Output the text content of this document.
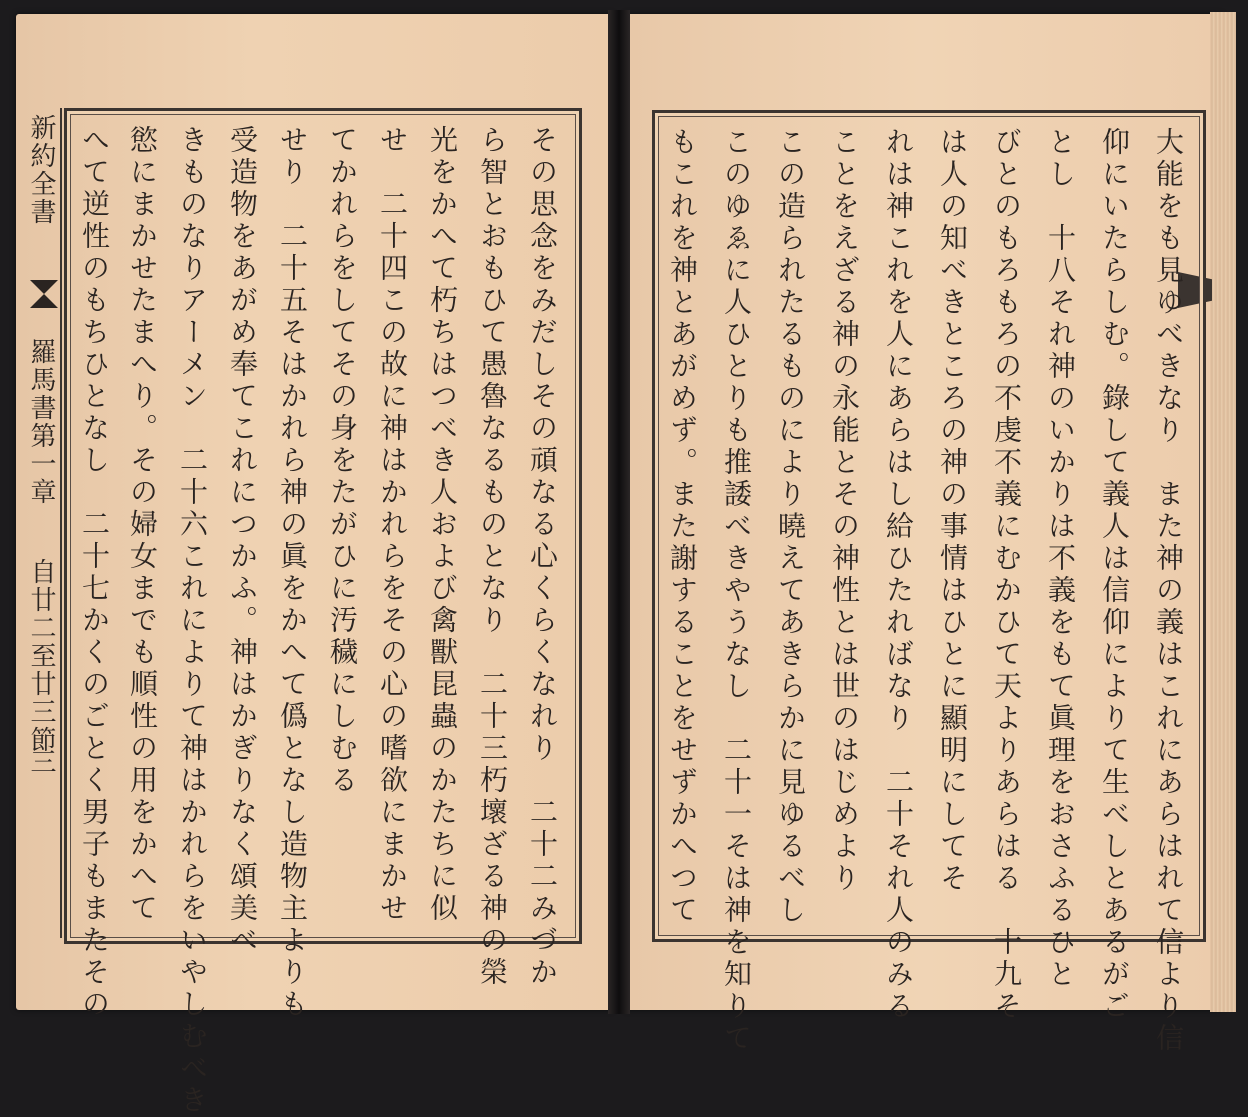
新約全書
羅馬書第一章
自廿二至廿三節
三	その思念をみだしその頑なる心くらくなれり　二十二みづか
ら智とおもひて愚魯なるものとなり　二十三朽壞ざる神の榮
光をかへて朽ちはつべき人および禽獸昆蟲のかたちに似
せ　二十四この故に神はかれらをその心の嗜欲にまかせ
てかれらをしてその身をたがひに汚穢にしむる
せり　二十五そはかれら神の眞をかへて僞となし造物主よりも
受造物をあがめ奉てこれにつかふ。神はかぎりなく頌美べ
きものなりアーメン　二十六これによりて神はかれらをいやしむべき
慾にまかせたまへり。その婦女までも順性の用をかへて
へて逆性のもちひとなし　二十七かくのごとく男子もまたその	大能をも見ゆべきなり　また神の義はこれにあらはれて信より信
仰にいたらしむ。錄して義人は信仰によりて生べしとあるがご
とし　十八それ神のいかりは不義をもて眞理をおさふるひと
びとのもろもろの不虔不義にむかひて天よりあらはる　十九そ
は人の知べきところの神の事情はひとに顯明にしてそ
れは神これを人にあらはし給ひたればなり　二十それ人のみる
ことをえざる神の永能とその神性とは世のはじめより
この造られたるものにより曉えてあきらかに見ゆるべし
このゆゑに人ひとりも推諉べきやうなし　二十一そは神を知りて
もこれを神とあがめず。また謝することをせずかへつて
